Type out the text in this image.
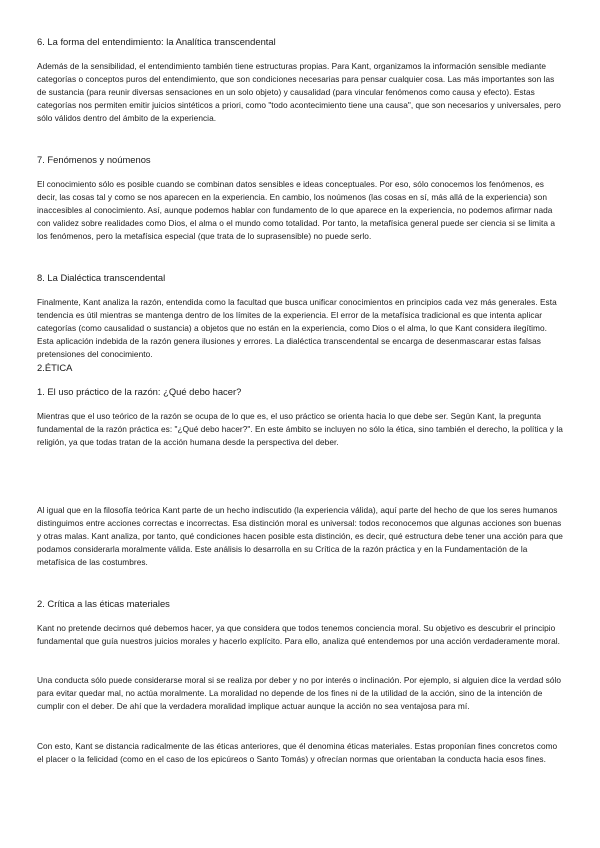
6. La forma del entendimiento: la Analítica transcendental
Además de la sensibilidad, el entendimiento también tiene estructuras propias. Para Kant, organizamos la información sensible mediante categorías o conceptos puros del entendimiento, que son condiciones necesarias para pensar cualquier cosa. Las más importantes son las de sustancia (para reunir diversas sensaciones en un solo objeto) y causalidad (para vincular fenómenos como causa y efecto). Estas categorías nos permiten emitir juicios sintéticos a priori, como "todo acontecimiento tiene una causa", que son necesarios y universales, pero sólo válidos dentro del ámbito de la experiencia.
7. Fenómenos y noúmenos
El conocimiento sólo es posible cuando se combinan datos sensibles e ideas conceptuales. Por eso, sólo conocemos los fenómenos, es decir, las cosas tal y como se nos aparecen en la experiencia. En cambio, los noúmenos (las cosas en sí, más allá de la experiencia) son inaccesibles al conocimiento. Así, aunque podemos hablar con fundamento de lo que aparece en la experiencia, no podemos afirmar nada con validez sobre realidades como Dios, el alma o el mundo como totalidad. Por tanto, la metafísica general puede ser ciencia si se limita a los fenómenos, pero la metafísica especial (que trata de lo suprasensible) no puede serlo.
8. La Dialéctica transcendental
Finalmente, Kant analiza la razón, entendida como la facultad que busca unificar conocimientos en principios cada vez más generales. Esta tendencia es útil mientras se mantenga dentro de los límites de la experiencia. El error de la metafísica tradicional es que intenta aplicar categorías (como causalidad o sustancia) a objetos que no están en la experiencia, como Dios o el alma, lo que Kant considera ilegítimo. Esta aplicación indebida de la razón genera ilusiones y errores. La dialéctica transcendental se encarga de desenmascarar estas falsas pretensiones del conocimiento.
2.ÉTICA
1. El uso práctico de la razón: ¿Qué debo hacer?
Mientras que el uso teórico de la razón se ocupa de lo que es, el uso práctico se orienta hacia lo que debe ser. Según Kant, la pregunta fundamental de la razón práctica es: "¿Qué debo hacer?". En este ámbito se incluyen no sólo la ética, sino también el derecho, la política y la religión, ya que todas tratan de la acción humana desde la perspectiva del deber.
Al igual que en la filosofía teórica Kant parte de un hecho indiscutido (la experiencia válida), aquí parte del hecho de que los seres humanos distinguimos entre acciones correctas e incorrectas. Esa distinción moral es universal: todos reconocemos que algunas acciones son buenas y otras malas. Kant analiza, por tanto, qué condiciones hacen posible esta distinción, es decir, qué estructura debe tener una acción para que podamos considerarla moralmente válida. Este análisis lo desarrolla en su Crítica de la razón práctica y en la Fundamentación de la metafísica de las costumbres.
2. Crítica a las éticas materiales
Kant no pretende decirnos qué debemos hacer, ya que considera que todos tenemos conciencia moral. Su objetivo es descubrir el principio fundamental que guía nuestros juicios morales y hacerlo explícito. Para ello, analiza qué entendemos por una acción verdaderamente moral.
Una conducta sólo puede considerarse moral si se realiza por deber y no por interés o inclinación. Por ejemplo, si alguien dice la verdad sólo para evitar quedar mal, no actúa moralmente. La moralidad no depende de los fines ni de la utilidad de la acción, sino de la intención de cumplir con el deber. De ahí que la verdadera moralidad implique actuar aunque la acción no sea ventajosa para mí.
Con esto, Kant se distancia radicalmente de las éticas anteriores, que él denomina éticas materiales. Estas proponían fines concretos como el placer o la felicidad (como en el caso de los epicúreos o Santo Tomás) y ofrecían normas que orientaban la conducta hacia esos fines.
